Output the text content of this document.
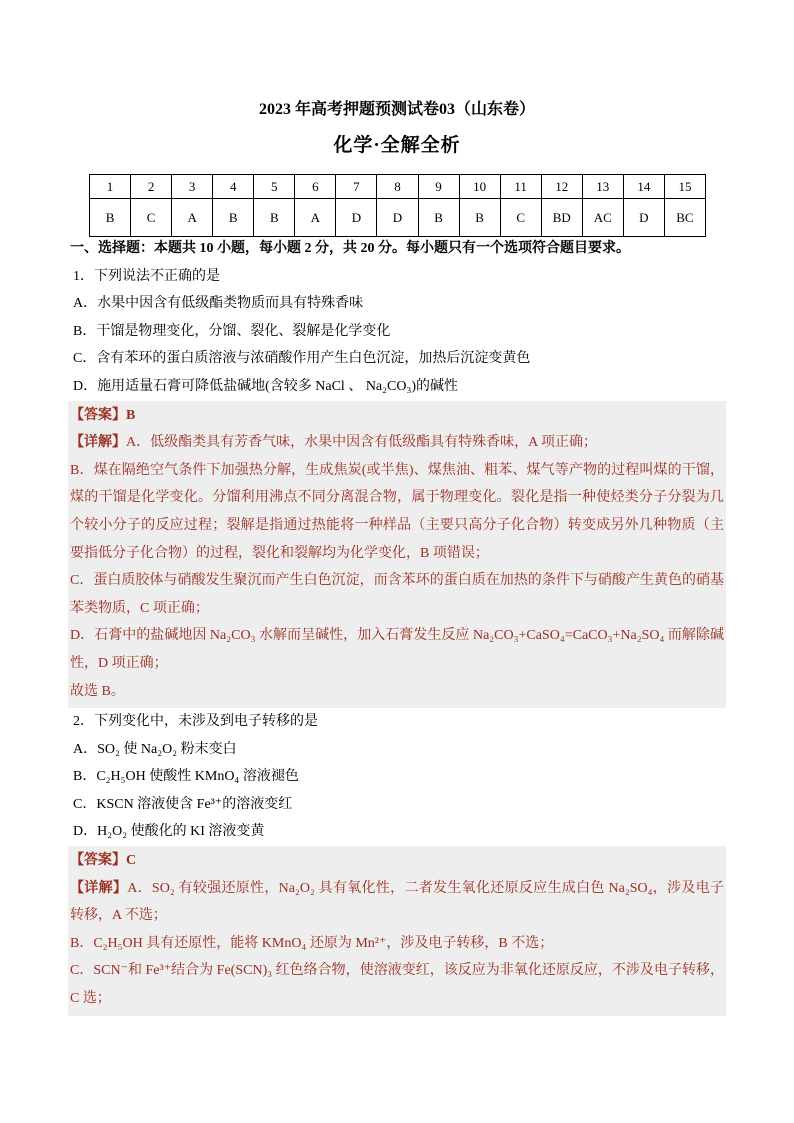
2023 年高考押题预测试卷03（山东卷）
化学·全解全析
1	2	3	4	5	6	7	8	9	10	11	12	13	14	15
B	C	A	B	B	A	D	D	B	B	C	BD	AC	D	BC

一、选择题：本题共 10 小题，每小题 2 分，共 20 分。每小题只有一个选项符合题目要求。

1．下列说法不正确的是

A．水果中因含有低级酯类物质而具有特殊香味

B．干馏是物理变化，分馏、裂化、裂解是化学变化

C．含有苯环的蛋白质溶液与浓硝酸作用产生白色沉淀，加热后沉淀变黄色

D．施用适量石膏可降低盐碱地(含较多 NaCl 、 Na₂CO₃)的碱性

【答案】B

【详解】A．低级酯类具有芳香气味，水果中因含有低级酯具有特殊香味，A 项正确；

B．煤在隔绝空气条件下加强热分解，生成焦炭(或半焦)、煤焦油、粗苯、煤气等产物的过程叫煤的干馏，煤的干馏是化学变化。分馏利用沸点不同分离混合物，属于物理变化。裂化是指一种使烃类分子分裂为几个较小分子的反应过程；裂解是指通过热能将一种样品（主要只高分子化合物）转变成另外几种物质（主要指低分子化合物）的过程，裂化和裂解均为化学变化，B 项错误；

C．蛋白质胶体与硝酸发生聚沉而产生白色沉淀，而含苯环的蛋白质在加热的条件下与硝酸产生黄色的硝基苯类物质，C 项正确；

D．石膏中的盐碱地因 Na₂CO₃ 水解而呈碱性，加入石膏发生反应 Na₂CO₃+CaSO₄=CaCO₃+Na₂SO₄ 而解除碱性，D 项正确；

故选 B。

2．下列变化中，未涉及到电子转移的是

A．SO₂ 使 Na₂O₂ 粉末变白

B．C₂H₅OH 使酸性 KMnO₄ 溶液褪色

C．KSCN 溶液使含 Fe³⁺的溶液变红

D．H₂O₂ 使酸化的 KI 溶液变黄

【答案】C

【详解】A．SO₂ 有较强还原性，Na₂O₂ 具有氧化性，二者发生氧化还原反应生成白色 Na₂SO₄，涉及电子转移，A 不选；

B．C₂H₅OH 具有还原性，能将 KMnO₄ 还原为 Mn²⁺，涉及电子转移，B 不选；

C．SCN⁻和 Fe³⁺结合为 Fe(SCN)₃ 红色络合物，使溶液变红，该反应为非氧化还原反应，不涉及电子转移，C 选；
